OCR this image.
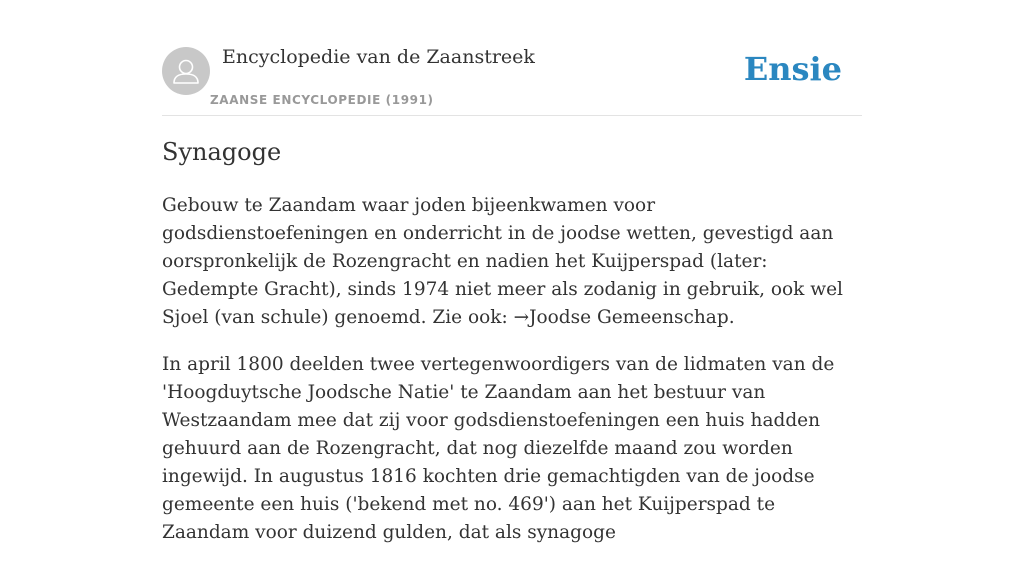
Encyclopedie van de Zaanstreek
ZAANSE ENCYCLOPEDIE (1991)
Ensie
Synagoge

Gebouw te Zaandam waar joden bijeenkwamen voor godsdienstoefeningen en onderricht in de joodse wetten, gevestigd aan oorspronkelijk de Rozengracht en nadien het Kuijperspad (later: Gedempte Gracht), sinds 1974 niet meer als zodanig in gebruik, ook wel Sjoel (van schule) genoemd. Zie ook: →Joodse Gemeenschap.

In april 1800 deelden twee vertegenwoordigers van de lidmaten van de 'Hoogduytsche Joodsche Natie' te Zaandam aan het bestuur van Westzaandam mee dat zij voor godsdienstoefeningen een huis hadden gehuurd aan de Rozengracht, dat nog diezelfde maand zou worden ingewijd. In augustus 1816 kochten drie gemachtigden van de joodse gemeente een huis ('bekend met no. 469') aan het Kuijperspad te Zaandam voor duizend gulden, dat als synagoge
